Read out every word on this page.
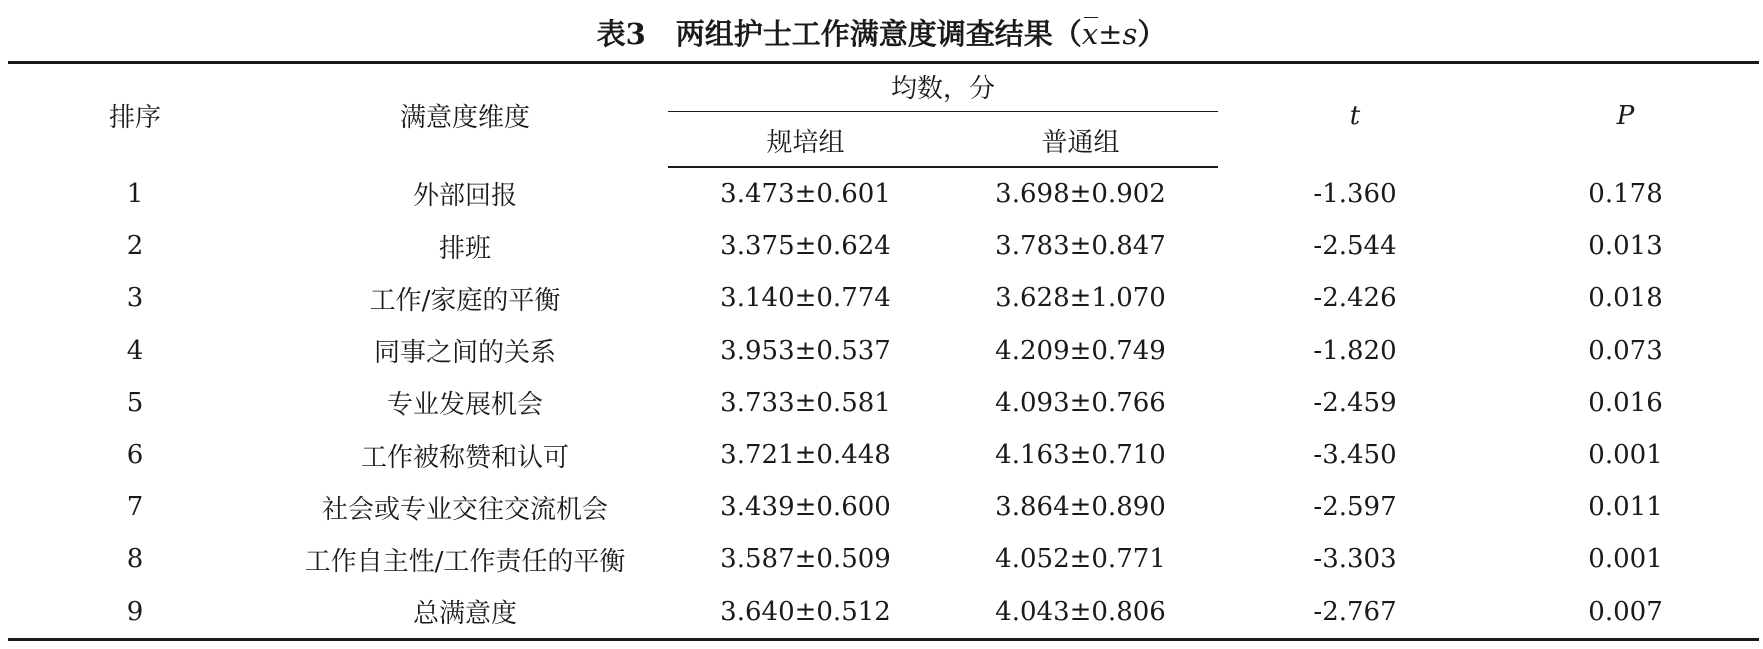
表3 两组护士工作满意度调查结果（x±s）
排序	满意度维度	均数，分		t	P
		规培组	普通组		
1	外部回报	3.473±0.601	3.698±0.902	-1.360	0.178
2	排班	3.375±0.624	3.783±0.847	-2.544	0.013
3	工作/家庭的平衡	3.140±0.774	3.628±1.070	-2.426	0.018
4	同事之间的关系	3.953±0.537	4.209±0.749	-1.820	0.073
5	专业发展机会	3.733±0.581	4.093±0.766	-2.459	0.016
6	工作被称赞和认可	3.721±0.448	4.163±0.710	-3.450	0.001
7	社会或专业交往交流机会	3.439±0.600	3.864±0.890	-2.597	0.011
8	工作自主性/工作责任的平衡	3.587±0.509	4.052±0.771	-3.303	0.001
9	总满意度	3.640±0.512	4.043±0.806	-2.767	0.007
